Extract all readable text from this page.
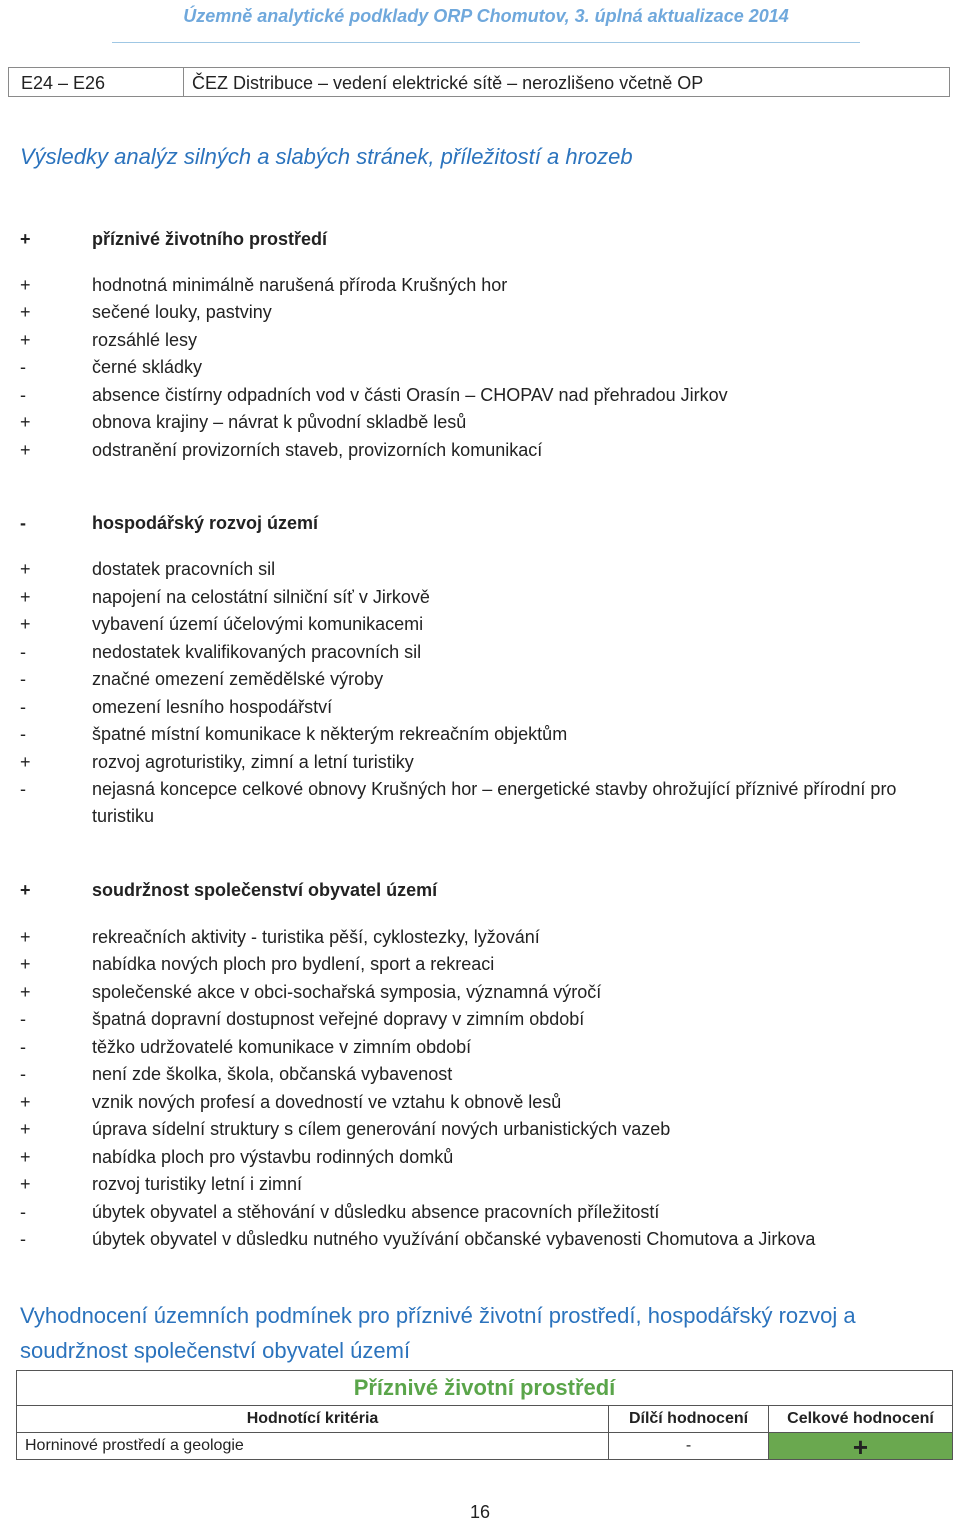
Územně analytické podklady ORP Chomutov, 3. úplná aktualizace 2014
E24 – E26	ČEZ Distribuce – vedení elektrické sítě – nerozlišeno včetně OP
Výsledky analýz silných a slabých stránek, příležitostí a hrozeb
+	příznivé životního prostředí
+	hodnotná minimálně narušená příroda Krušných hor
+	sečené louky, pastviny
+	rozsáhlé lesy
-	černé skládky
-	absence čistírny odpadních vod v části Orasín – CHOPAV nad přehradou Jirkov
+	obnova krajiny – návrat k původní skladbě lesů
+	odstranění provizorních staveb, provizorních komunikací
-	hospodářský rozvoj území
+	dostatek pracovních sil
+	napojení na celostátní silniční síť v Jirkově
+	vybavení území účelovými komunikacemi
-	nedostatek kvalifikovaných pracovních sil
-	značné omezení zemědělské výroby
-	omezení lesního hospodářství
-	špatné místní komunikace k některým rekreačním objektům
+	rozvoj agroturistiky, zimní a letní turistiky
-	nejasná koncepce celkové obnovy Krušných hor – energetické stavby ohrožující příznivé přírodní pro turistiku
+	soudržnost společenství obyvatel území
+	rekreačních aktivity - turistika pěší, cyklostezky, lyžování
+	nabídka nových ploch pro bydlení, sport a rekreaci
+	společenské akce v obci-sochařská symposia, významná výročí
-	špatná dopravní dostupnost veřejné dopravy v zimním období
-	těžko udržovatelé komunikace v zimním období
-	není zde školka, škola, občanská vybavenost
+	vznik nových profesí a dovedností ve vztahu k obnově lesů
+	úprava sídelní struktury s cílem generování nových urbanistických vazeb
+	nabídka ploch pro výstavbu rodinných domků
+	rozvoj turistiky letní i zimní
-	úbytek obyvatel a stěhování v důsledku absence pracovních příležitostí
-	úbytek obyvatel v důsledku nutného využívání občanské vybavenosti Chomutova a Jirkova
Vyhodnocení územních podmínek pro příznivé životní prostředí, hospodářský rozvoj a soudržnost společenství obyvatel území
Příznivé životní prostředí		
Hodnotící kritéria	Dílčí hodnocení	Celkové hodnocení
Horninové prostředí a geologie	-	+
16
